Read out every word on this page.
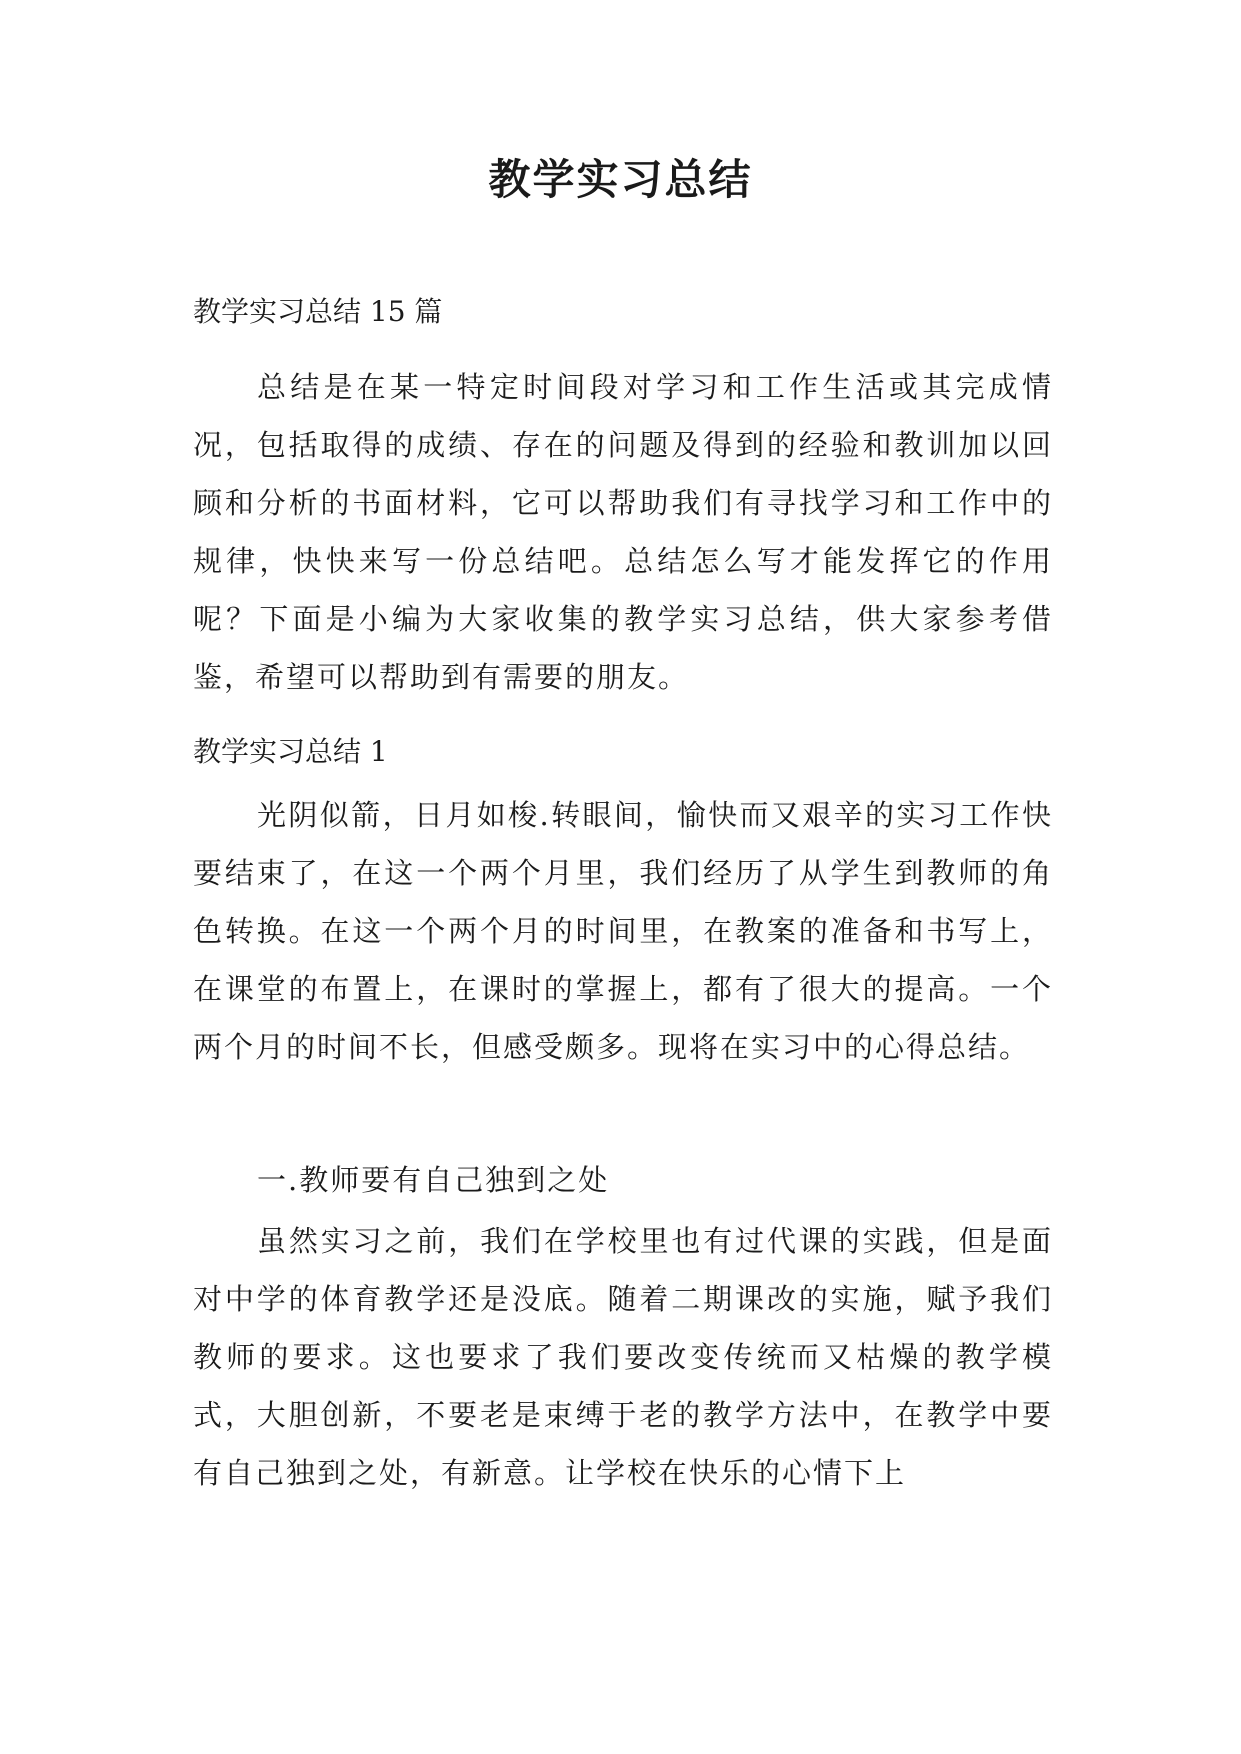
教学实习总结

教学实习总结 15 篇

总结是在某一特定时间段对学习和工作生活或其完成情况，包括取得的成绩、存在的问题及得到的经验和教训加以回顾和分析的书面材料，它可以帮助我们有寻找学习和工作中的规律，快快来写一份总结吧。总结怎么写才能发挥它的作用呢？下面是小编为大家收集的教学实习总结，供大家参考借鉴，希望可以帮助到有需要的朋友。

教学实习总结 1

光阴似箭，日月如梭.转眼间，愉快而又艰辛的实习工作快要结束了，在这一个两个月里，我们经历了从学生到教师的角色转换。在这一个两个月的时间里，在教案的准备和书写上，在课堂的布置上，在课时的掌握上，都有了很大的提高。一个两个月的时间不长，但感受颇多。现将在实习中的心得总结。

一.教师要有自己独到之处

虽然实习之前，我们在学校里也有过代课的实践，但是面对中学的体育教学还是没底。随着二期课改的实施，赋予我们教师的要求。这也要求了我们要改变传统而又枯燥的教学模式，大胆创新，不要老是束缚于老的教学方法中，在教学中要有自己独到之处，有新意。让学校在快乐的心情下上
